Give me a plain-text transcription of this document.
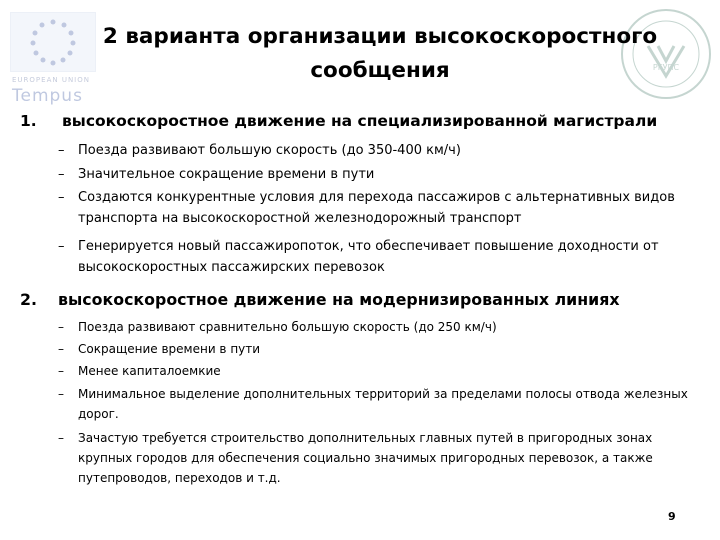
EUROPEAN UNION
Tempus
РГУПС
2 варианта организации высокоскоростного сообщения
1. высокоскоростное движение на специализированной магистрали
– Поезда развивают большую скорость (до 350-400 км/ч)
– Значительное сокращение времени в пути
– Создаются конкурентные условия для перехода пассажиров с альтернативных видов транспорта на высокоскоростной железнодорожный транспорт
– Генерируется новый пассажиропоток, что обеспечивает повышение доходности от высокоскоростных пассажирских перевозок
2. высокоскоростное движение на модернизированных линиях
– Поезда развивают сравнительно большую скорость (до 250 км/ч)
– Сокращение времени в пути
– Менее капиталоемкие
– Минимальное выделение дополнительных территорий за пределами полосы отвода железных дорог.
– Зачастую требуется строительство дополнительных главных путей в пригородных зонах крупных городов для обеспечения социально значимых пригородных перевозок, а также путепроводов, переходов и т.д.
9
